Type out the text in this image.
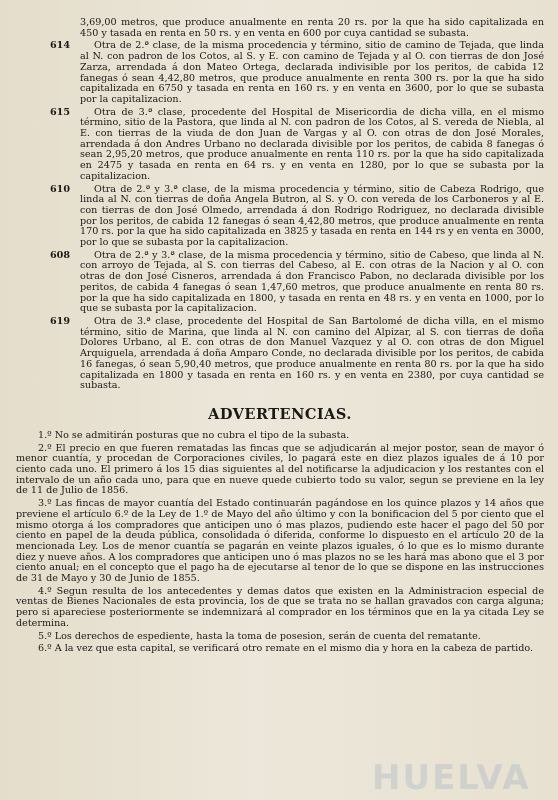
3,69,00 metros, que produce anualmente en renta 20 rs. por la que ha sido capitalizada en 450 y tasada en renta en 50 rs. y en venta en 600 por cuya cantidad se subasta.
614	Otra de 2.ª clase, de la misma procedencia y término, sitio de camino de Tejada, que linda al N. con padron de los Cotos, al S. y E. con camino de Tejada y al O. con tierras de don José Zarza, arrendada á don Mateo Ortega, declarada indivisible por los peritos, de cabida 12 fanegas ó sean 4,42,80 metros, que produce anualmente en renta 300 rs. por la que ha sido capitalizada en 6750 y tasada en renta en 160 rs. y en venta en 3600, por lo que se subasta por la capitalizacion.
615	Otra de 3.ª clase, procedente del Hospital de Misericordia de dicha villa, en el mismo término, sitio de la Pastora, que linda al N. con padron de los Cotos, al S. vereda de Niebla, al E. con tierras de la viuda de don Juan de Vargas y al O. con otras de don José Morales, arrendada á don Andres Urbano no declarada divisible por los peritos, de cabida 8 fanegas ó sean 2,95,20 metros, que produce anualmente en renta 110 rs. por la que ha sido capitalizada en 2475 y tasada en renta en 64 rs. y en venta en 1280, por lo que se subasta por la capitalizacion.
610	Otra de 2.ª y 3.ª clase, de la misma procedencia y término, sitio de Cabeza Rodrigo, que linda al N. con tierras de doña Angela Butron, al S. y O. con vereda de los Carboneros y al E. con tierras de don José Olmedo, arrendada á don Rodrigo Rodriguez, no declarada divisible por los peritos, de cabida 12 fanegas ó sean 4,42,80 metros, que produce anualmente en renta 170 rs. por la que ha sido capitalizada en 3825 y tasada en renta en 144 rs y en venta en 3000, por lo que se subasta por la capitalizacion.
608	Otra de 2.ª y 3.ª clase, de la misma procedencia y término, sitio de Cabeso, que linda al N. con arroyo de Tejada, al S. con tierras del Cabeso, al E. con otras de la Nacion y al O. con otras de don José Cisneros, arrendada á don Francisco Pabon, no declarada divisible por los peritos, de cabida 4 fanegas ó sean 1,47,60 metros, que produce anualmente en renta 80 rs. por la que ha sido capitalizada en 1800, y tasada en renta en 48 rs. y en venta en 1000, por lo que se subasta por la capitalizacion.
619	Otra de 3.ª clase, procedente del Hospital de San Bartolomé de dicha villa, en el mismo término, sitio de Marina, que linda al N. con camino del Alpizar, al S. con tierras de doña Dolores Urbano, al E. con otras de don Manuel Vazquez y al O. con otras de don Miguel Arquiguela, arrendada á doña Amparo Conde, no declarada divisible por los peritos, de cabida 16 fanegas, ó sean 5,90,40 metros, que produce anualmente en renta 80 rs. por la que ha sido capitalizada en 1800 y tasada en renta en 160 rs. y en venta en 2380, por cuya cantidad se subasta.
ADVERTENCIAS.

1.º No se admitirán posturas que no cubra el tipo de la subasta.

2.º El precio en que fueren rematadas las fincas que se adjudicarán al mejor postor, sean de mayor ó menor cuantía, y procedan de Corporaciones civiles, lo pagará este en diez plazos iguales de á 10 por ciento cada uno. El primero á los 15 dias siguientes al del notificarse la adjudicacion y los restantes con el intervalo de un año cada uno, para que en nueve quede cubierto todo su valor, segun se previene en la ley de 11 de Julio de 1856.

3.º Las fincas de mayor cuantía del Estado continuarán pagándose en los quince plazos y 14 años que previene el artículo 6.º de la Ley de 1.º de Mayo del año último y con la bonificacion del 5 por ciento que el mismo otorga á los compradores que anticipen uno ó mas plazos, pudiendo este hacer el pago del 50 por ciento en papel de la deuda pública, consolidada ó diferida, conforme lo dispuesto en el artículo 20 de la mencionada Ley. Los de menor cuantía se pagarán en veinte plazos iguales, ó lo que es lo mismo durante diez y nueve años. A los compradores que anticipen uno ó mas plazos no se les hará mas abono que el 3 por ciento anual; en el concepto que el pago ha de ejecutarse al tenor de lo que se dispone en las instrucciones de 31 de Mayo y 30 de Junio de 1855.

4.º Segun resulta de los antecedentes y demas datos que existen en la Administracion especial de ventas de Bienes Nacionales de esta provincia, los de que se trata no se hallan gravados con carga alguna; pero si apareciese posteriormente se indemnizará al comprador en los términos que en la ya citada Ley se determina.

5.º Los derechos de espediente, hasta la toma de posesion, serán de cuenta del rematante.

6.º A la vez que esta capital, se verificará otro remate en el mismo dia y hora en la cabeza de partido.

HUELVA
